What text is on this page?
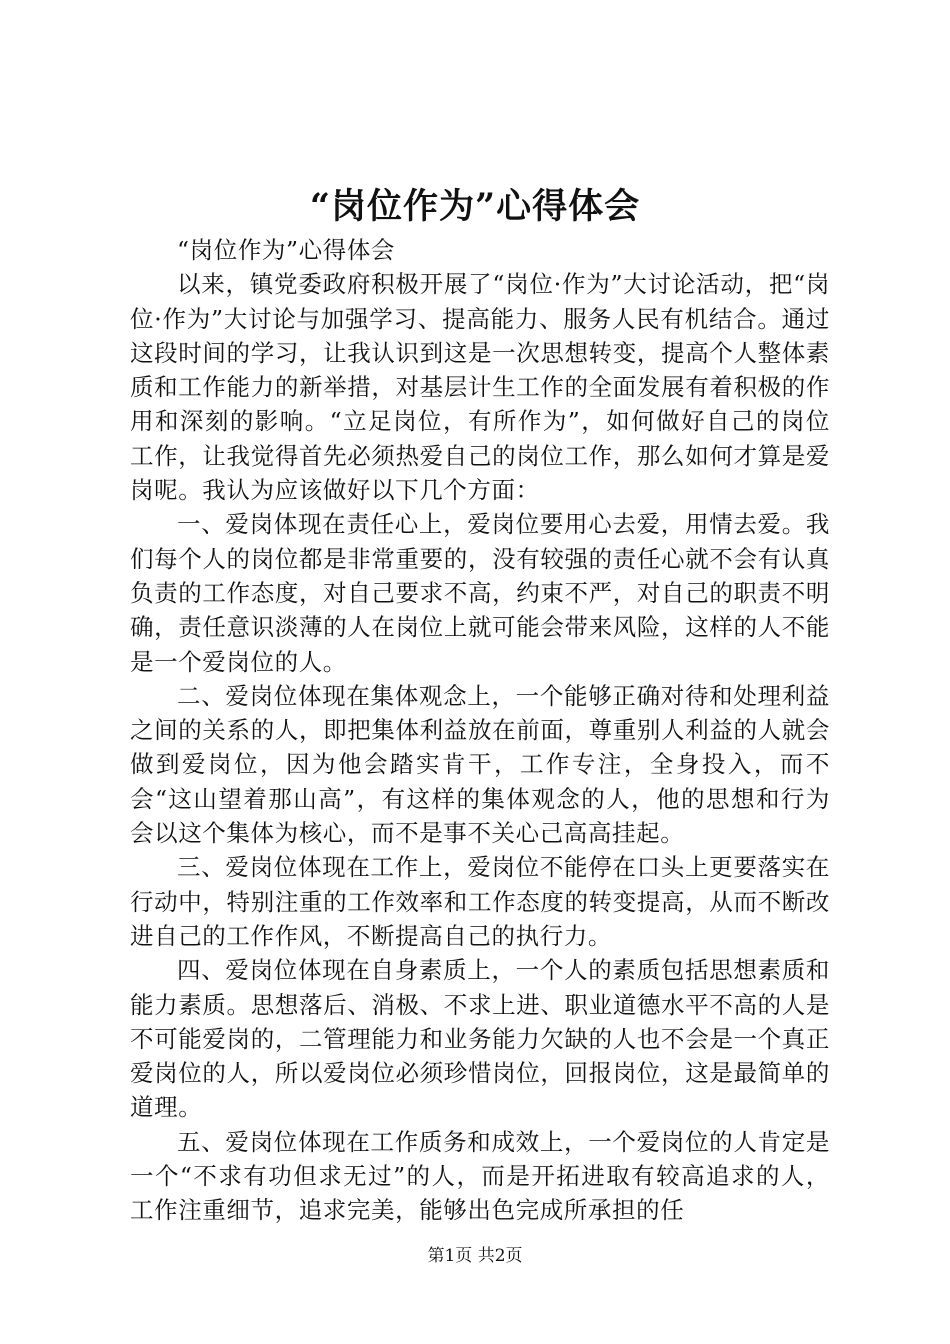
“岗位作为”心得体会

“岗位作为”心得体会

以来，镇党委政府积极开展了“岗位·作为”大讨论活动，把“岗位·作为”大讨论与加强学习、提高能力、服务人民有机结合。通过这段时间的学习，让我认识到这是一次思想转变，提高个人整体素质和工作能力的新举措，对基层计生工作的全面发展有着积极的作用和深刻的影响。“立足岗位，有所作为”，如何做好自己的岗位工作，让我觉得首先必须热爱自己的岗位工作，那么如何才算是爱岗呢。我认为应该做好以下几个方面：

一、爱岗体现在责任心上，爱岗位要用心去爱，用情去爱。我们每个人的岗位都是非常重要的，没有较强的责任心就不会有认真负责的工作态度，对自己要求不高，约束不严，对自己的职责不明确，责任意识淡薄的人在岗位上就可能会带来风险，这样的人不能是一个爱岗位的人。

二、爱岗位体现在集体观念上，一个能够正确对待和处理利益之间的关系的人，即把集体利益放在前面，尊重别人利益的人就会做到爱岗位，因为他会踏实肯干，工作专注，全身投入，而不会“这山望着那山高”，有这样的集体观念的人，他的思想和行为会以这个集体为核心，而不是事不关心己高高挂起。

三、爱岗位体现在工作上，爱岗位不能停在口头上更要落实在行动中，特别注重的工作效率和工作态度的转变提高，从而不断改进自己的工作作风，不断提高自己的执行力。

四、爱岗位体现在自身素质上，一个人的素质包括思想素质和能力素质。思想落后、消极、不求上进、职业道德水平不高的人是不可能爱岗的，二管理能力和业务能力欠缺的人也不会是一个真正爱岗位的人，所以爱岗位必须珍惜岗位，回报岗位，这是最简单的道理。

五、爱岗位体现在工作质务和成效上，一个爱岗位的人肯定是一个“不求有功但求无过”的人，而是开拓进取有较高追求的人，工作注重细节，追求完美，能够出色完成所承担的任

第1页 共2页
